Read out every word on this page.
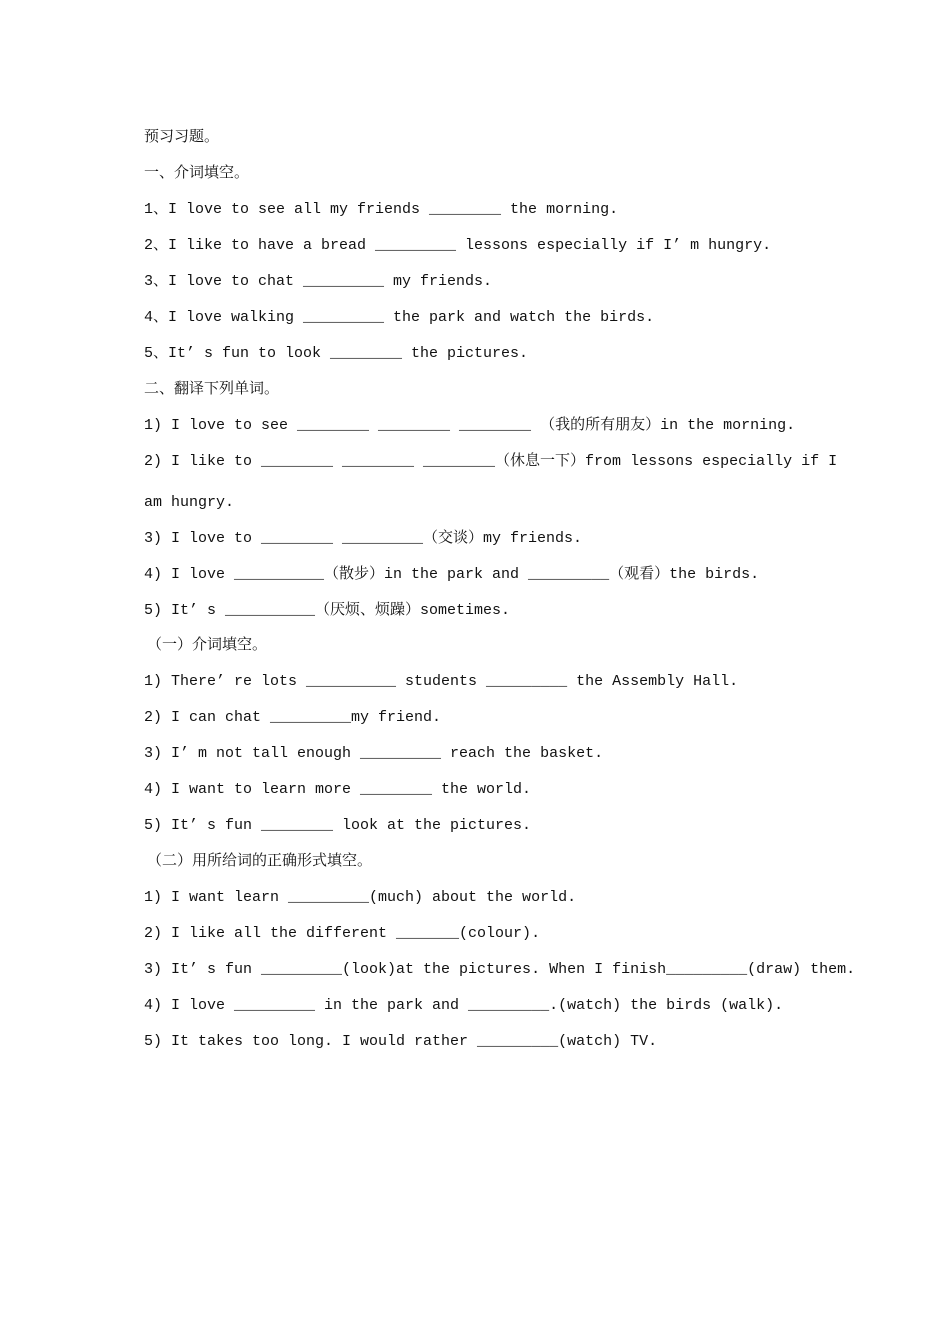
预习习题。
一、介词填空。
1、I love to see all my friends ________ the morning.
2、I like to have a bread _________ lessons especially if I’ m hungry.
3、I love to chat _________ my friends.
4、I love walking _________ the park and watch the birds.
5、It’ s fun to look ________ the pictures.
二、翻译下列单词。
1) I love to see ________ ________ ________ （我的所有朋友）in the morning.
2) I like to ________ ________ ________（休息一下）from lessons especially if I
am hungry.
3) I love to ________ _________（交谈）my friends.
4) I love __________（散步）in the park and _________（观看）the birds.
5) It’ s __________（厌烦、烦躁）sometimes.
（一）介词填空。
1) There’ re lots __________ students _________ the Assembly Hall.
2) I can chat _________my friend.
3) I’ m not tall enough _________ reach the basket.
4) I want to learn more ________ the world.
5) It’ s fun ________ look at the pictures.
（二）用所给词的正确形式填空。
1) I want learn _________(much) about the world.
2) I like all the different _______(colour).
3) It’ s fun _________(look)at the pictures. When I finish_________(draw) them.
4) I love _________ in the park and _________.(watch) the birds (walk).
5) It takes too long. I would rather _________(watch) TV.
